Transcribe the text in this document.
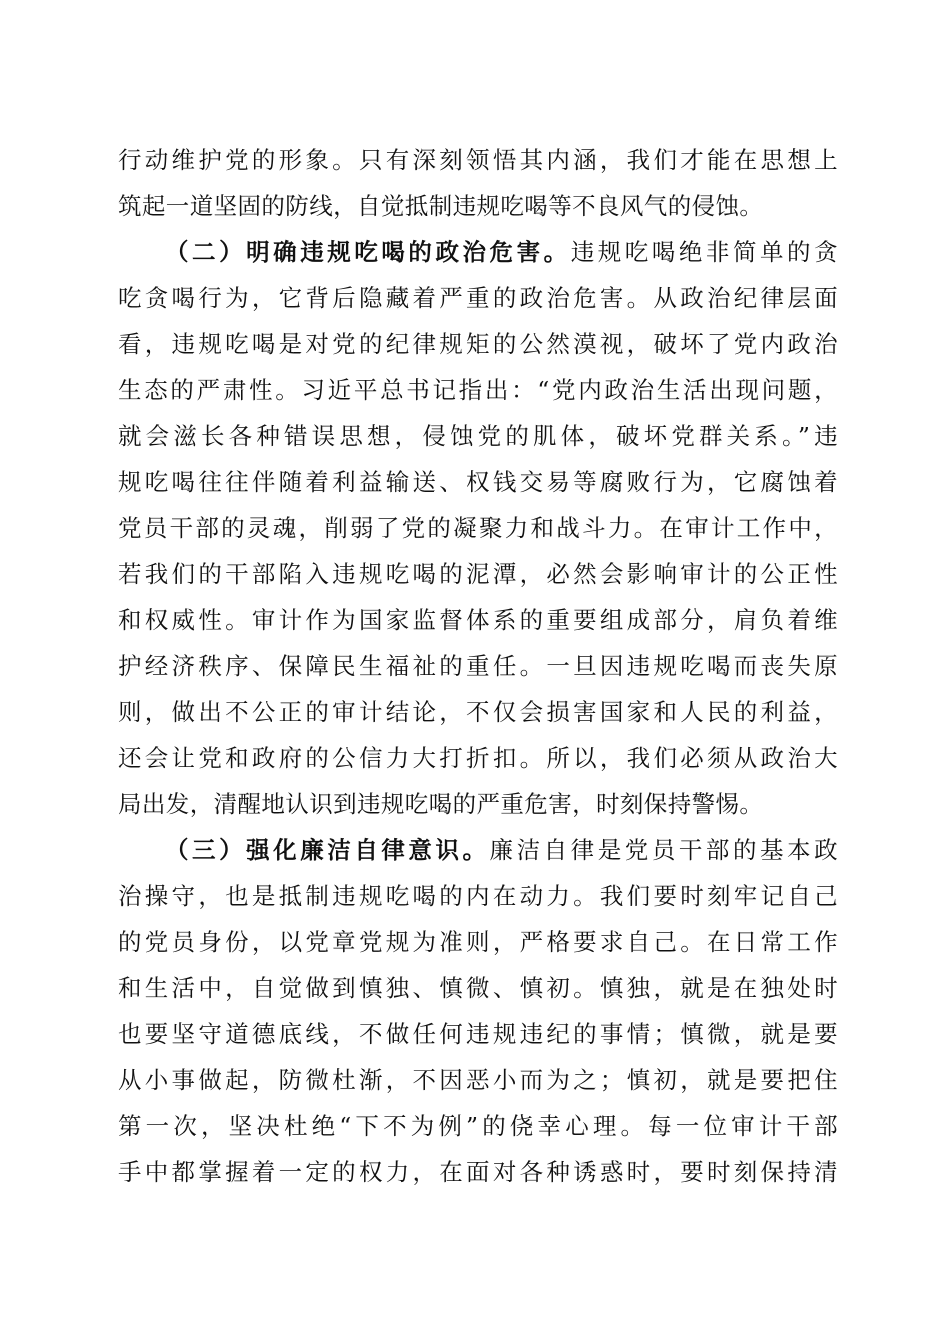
行动维护党的形象。只有深刻领悟其内涵，我们才能在思想上
筑起一道坚固的防线，自觉抵制违规吃喝等不良风气的侵蚀。
（二）明确违规吃喝的政治危害。违规吃喝绝非简单的贪
吃贪喝行为，它背后隐藏着严重的政治危害。从政治纪律层面
看，违规吃喝是对党的纪律规矩的公然漠视，破坏了党内政治
生态的严肃性。习近平总书记指出：“党内政治生活出现问题，
就会滋长各种错误思想，侵蚀党的肌体，破坏党群关系。”违
规吃喝往往伴随着利益输送、权钱交易等腐败行为，它腐蚀着
党员干部的灵魂，削弱了党的凝聚力和战斗力。在审计工作中，
若我们的干部陷入违规吃喝的泥潭，必然会影响审计的公正性
和权威性。审计作为国家监督体系的重要组成部分，肩负着维
护经济秩序、保障民生福祉的重任。一旦因违规吃喝而丧失原
则，做出不公正的审计结论，不仅会损害国家和人民的利益，
还会让党和政府的公信力大打折扣。所以，我们必须从政治大
局出发，清醒地认识到违规吃喝的严重危害，时刻保持警惕。
（三）强化廉洁自律意识。廉洁自律是党员干部的基本政
治操守，也是抵制违规吃喝的内在动力。我们要时刻牢记自己
的党员身份，以党章党规为准则，严格要求自己。在日常工作
和生活中，自觉做到慎独、慎微、慎初。慎独，就是在独处时
也要坚守道德底线，不做任何违规违纪的事情；慎微，就是要
从小事做起，防微杜渐，不因恶小而为之；慎初，就是要把住
第一次，坚决杜绝“下不为例”的侥幸心理。每一位审计干部
手中都掌握着一定的权力，在面对各种诱惑时，要时刻保持清
